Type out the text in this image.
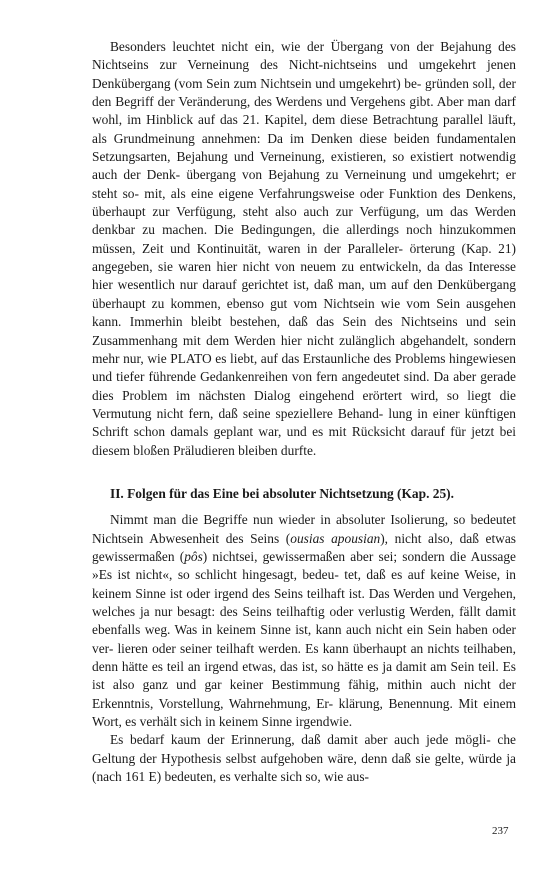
Besonders leuchtet nicht ein, wie der Übergang von der Bejahung des Nichtseins zur Verneinung des Nicht-nichtseins und umgekehrt jenen Denkübergang (vom Sein zum Nichtsein und umgekehrt) be- gründen soll, der den Begriff der Veränderung, des Werdens und Vergehens gibt. Aber man darf wohl, im Hinblick auf das 21. Kapitel, dem diese Betrachtung parallel läuft, als Grundmeinung annehmen: Da im Denken diese beiden fundamentalen Setzungsarten, Bejahung und Verneinung, existieren, so existiert notwendig auch der Denk- übergang von Bejahung zu Verneinung und umgekehrt; er steht so- mit, als eine eigene Verfahrungsweise oder Funktion des Denkens, überhaupt zur Verfügung, steht also auch zur Verfügung, um das Werden denkbar zu machen. Die Bedingungen, die allerdings noch hinzukommen müssen, Zeit und Kontinuität, waren in der Paralleler- örterung (Kap. 21) angegeben, sie waren hier nicht von neuem zu entwickeln, da das Interesse hier wesentlich nur darauf gerichtet ist, daß man, um auf den Denkübergang überhaupt zu kommen, ebenso gut vom Nichtsein wie vom Sein ausgehen kann. Immerhin bleibt bestehen, daß das Sein des Nichtseins und sein Zusammenhang mit dem Werden hier nicht zulänglich abgehandelt, sondern mehr nur, wie PLATO es liebt, auf das Erstaunliche des Problems hingewiesen und tiefer führende Gedankenreihen von fern angedeutet sind. Da aber gerade dies Problem im nächsten Dialog eingehend erörtert wird, so liegt die Vermutung nicht fern, daß seine speziellere Behand- lung in einer künftigen Schrift schon damals geplant war, und es mit Rücksicht darauf für jetzt bei diesem bloßen Präludieren bleiben durfte.

II. Folgen für das Eine bei absoluter Nichtsetzung (Kap. 25).

Nimmt man die Begriffe nun wieder in absoluter Isolierung, so bedeutet Nichtsein Abwesenheit des Seins (ousias apousian), nicht also, daß etwas gewissermaßen (pôs) nichtsei, gewissermaßen aber sei; sondern die Aussage »Es ist nicht«, so schlicht hingesagt, bedeu- tet, daß es auf keine Weise, in keinem Sinne ist oder irgend des Seins teilhaft ist. Das Werden und Vergehen, welches ja nur besagt: des Seins teilhaftig oder verlustig Werden, fällt damit ebenfalls weg. Was in keinem Sinne ist, kann auch nicht ein Sein haben oder ver- lieren oder seiner teilhaft werden. Es kann überhaupt an nichts teilhaben, denn hätte es teil an irgend etwas, das ist, so hätte es ja damit am Sein teil. Es ist also ganz und gar keiner Bestimmung fähig, mithin auch nicht der Erkenntnis, Vorstellung, Wahrnehmung, Er- klärung, Benennung. Mit einem Wort, es verhält sich in keinem Sinne irgendwie.

Es bedarf kaum der Erinnerung, daß damit aber auch jede mögli- che Geltung der Hypothesis selbst aufgehoben wäre, denn daß sie gelte, würde ja (nach 161 E) bedeuten, es verhalte sich so, wie aus-

237
